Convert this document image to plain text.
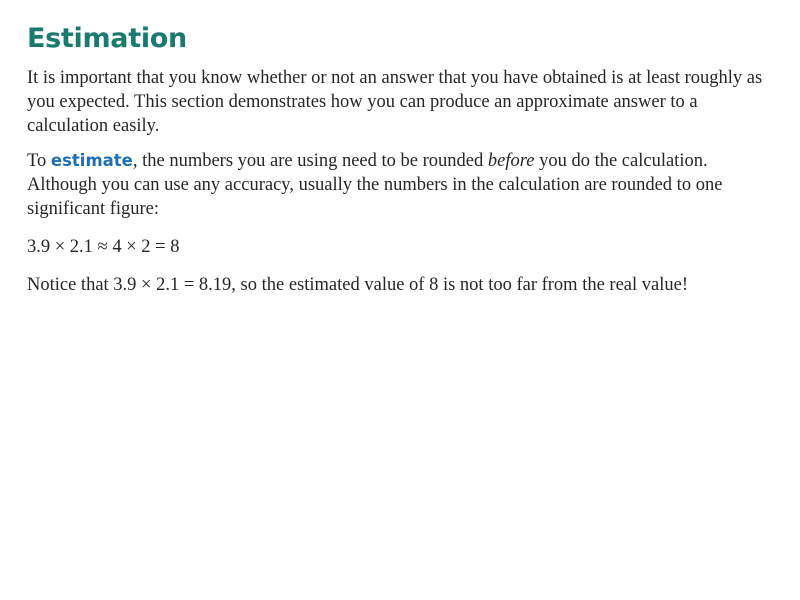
Estimation

It is important that you know whether or not an answer that you have obtained is at least roughly as you expected. This section demonstrates how you can produce an approximate answer to a calculation easily.

To estimate, the numbers you are using need to be rounded before you do the calculation. Although you can use any accuracy, usually the numbers in the calculation are rounded to one significant figure:

3.9 × 2.1 ≈ 4 × 2 = 8

Notice that 3.9 × 2.1 = 8.19, so the estimated value of 8 is not too far from the real value!
